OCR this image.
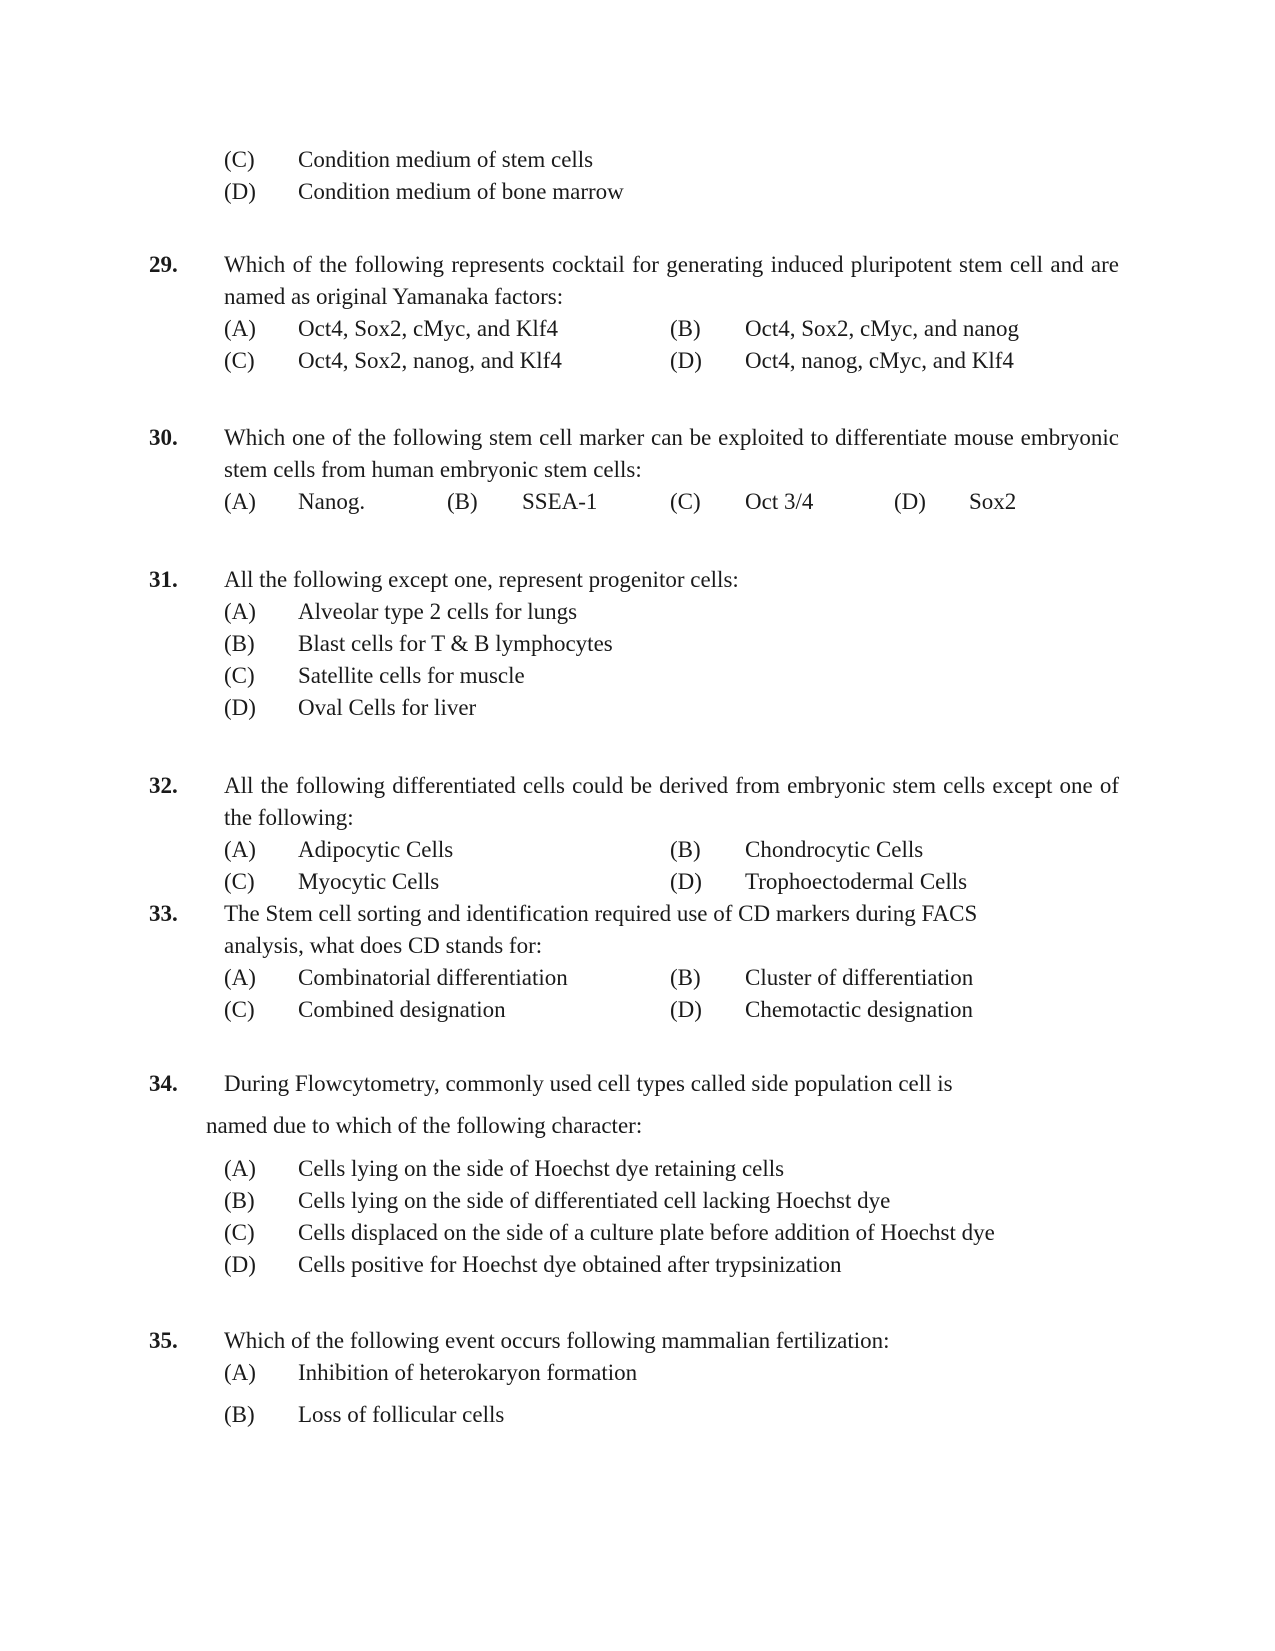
(C) Condition medium of stem cells
(D) Condition medium of bone marrow
29. Which of the following represents cocktail for generating induced pluripotent stem cell and are named as original Yamanaka factors:
(A) Oct4, Sox2, cMyc, and Klf4	(B) Oct4, Sox2, cMyc, and nanog
(C) Oct4, Sox2, nanog, and Klf4	(D) Oct4, nanog, cMyc, and Klf4
30. Which one of the following stem cell marker can be exploited to differentiate mouse embryonic stem cells from human embryonic stem cells:
(A) Nanog.	(B) SSEA-1	(C) Oct 3/4	(D) Sox2
31. All the following except one, represent progenitor cells:
(A) Alveolar type 2 cells for lungs
(B) Blast cells for T & B lymphocytes
(C) Satellite cells for muscle
(D) Oval Cells for liver
32. All the following differentiated cells could be derived from embryonic stem cells except one of the following:
(A) Adipocytic Cells	(B) Chondrocytic Cells
(C) Myocytic Cells	(D) Trophoectodermal Cells
33. The Stem cell sorting and identification required use of CD markers during FACS
analysis, what does CD stands for:
(A) Combinatorial differentiation	(B) Cluster of differentiation
(C) Combined designation	(D) Chemotactic designation
34. During Flowcytometry, commonly used cell types called side population cell is
named due to which of the following character:
(A) Cells lying on the side of Hoechst dye retaining cells
(B) Cells lying on the side of differentiated cell lacking Hoechst dye
(C) Cells displaced on the side of a culture plate before addition of Hoechst dye
(D) Cells positive for Hoechst dye obtained after trypsinization
35. Which of the following event occurs following mammalian fertilization:
(A) Inhibition of heterokaryon formation
(B) Loss of follicular cells
